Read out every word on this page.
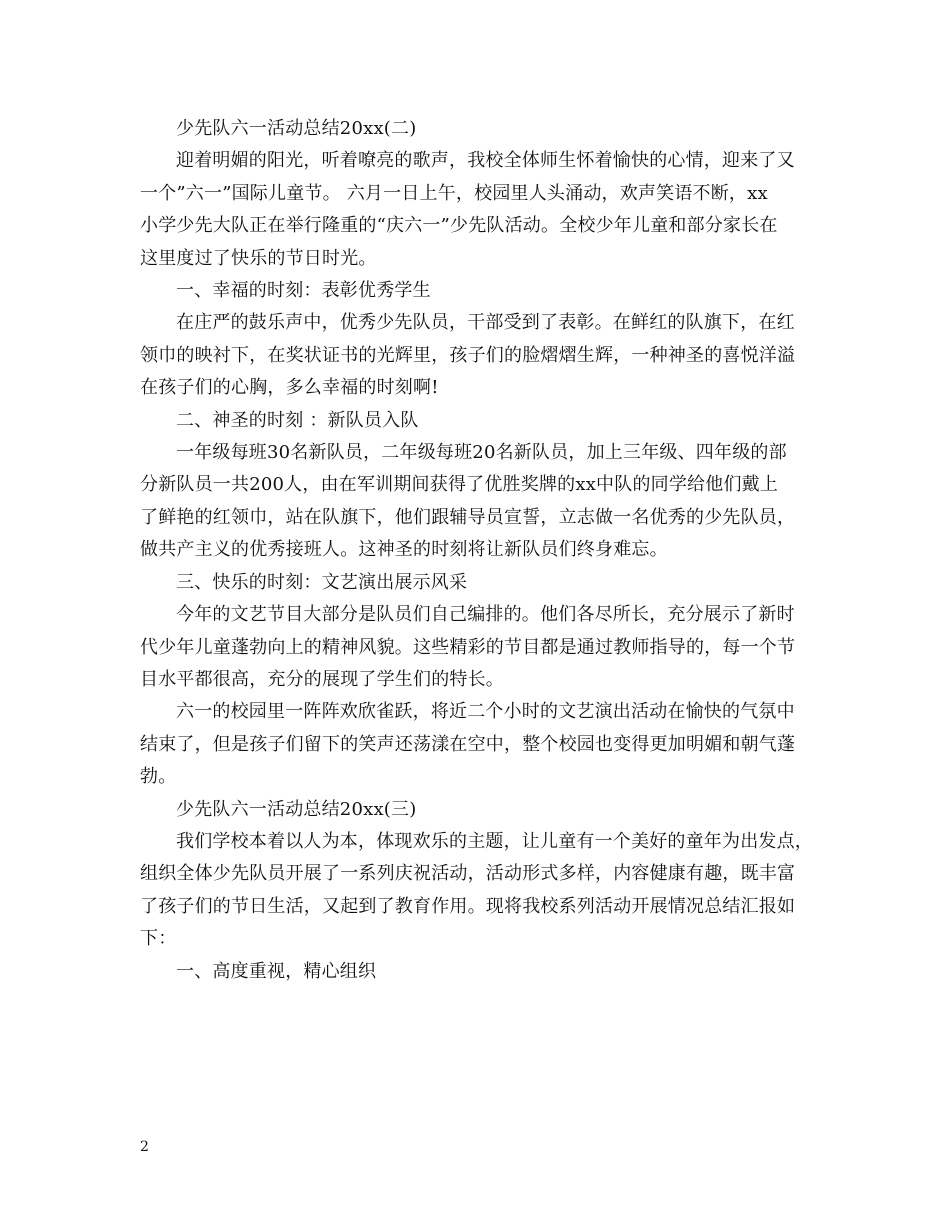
少先队六一活动总结20xx(二)
迎着明媚的阳光，听着嘹亮的歌声，我校全体师生怀着愉快的心情，迎来了又
一个”六一”国际儿童节。 六月一日上午，校园里人头涌动，欢声笑语不断，xx
小学少先大队正在举行隆重的“庆六一”少先队活动。全校少年儿童和部分家长在
这里度过了快乐的节日时光。
一、幸福的时刻：表彰优秀学生
在庄严的鼓乐声中，优秀少先队员，干部受到了表彰。在鲜红的队旗下，在红
领巾的映衬下，在奖状证书的光辉里，孩子们的脸熠熠生辉，一种神圣的喜悦洋溢
在孩子们的心胸，多么幸福的时刻啊!
二、神圣的时刻 ：新队员入队
一年级每班30名新队员，二年级每班20名新队员，加上三年级、四年级的部
分新队员一共200人，由在军训期间获得了优胜奖牌的xx中队的同学给他们戴上
了鲜艳的红领巾，站在队旗下，他们跟辅导员宣誓，立志做一名优秀的少先队员，
做共产主义的优秀接班人。这神圣的时刻将让新队员们终身难忘。
三、快乐的时刻：文艺演出展示风采
今年的文艺节目大部分是队员们自己编排的。他们各尽所长，充分展示了新时
代少年儿童蓬勃向上的精神风貌。这些精彩的节目都是通过教师指导的，每一个节
目水平都很高，充分的展现了学生们的特长。
六一的校园里一阵阵欢欣雀跃，将近二个小时的文艺演出活动在愉快的气氛中
结束了，但是孩子们留下的笑声还荡漾在空中，整个校园也变得更加明媚和朝气蓬
勃。
少先队六一活动总结20xx(三)
我们学校本着以人为本，体现欢乐的主题，让儿童有一个美好的童年为出发点，
组织全体少先队员开展了一系列庆祝活动，活动形式多样，内容健康有趣，既丰富
了孩子们的节日生活，又起到了教育作用。现将我校系列活动开展情况总结汇报如
下：
一、高度重视，精心组织

2
